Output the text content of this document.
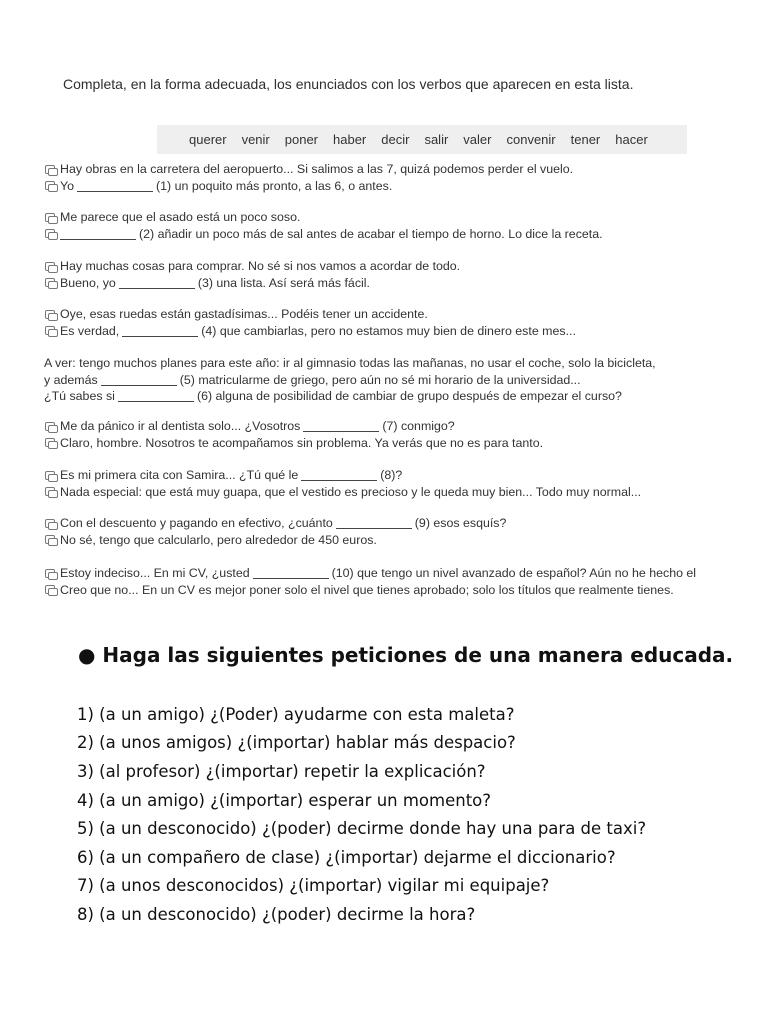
Completa, en la forma adecuada, los enunciados con los verbos que aparecen en esta lista.
querer venir poner haber decir salir valer convenir tener hacer
Hay obras en la carretera del aeropuerto... Si salimos a las 7, quizá podemos perder el vuelo.
Yo	(1) un poquito más pronto, a las 6, o antes.
Me parece que el asado está un poco soso.
(2) añadir un poco más de sal antes de acabar el tiempo de horno. Lo dice la receta.
Hay muchas cosas para comprar. No sé si nos vamos a acordar de todo.
Bueno, yo	(3) una lista. Así será más fácil.
Oye, esas ruedas están gastadísimas... Podéis tener un accidente.
Es verdad,	(4) que cambiarlas, pero no estamos muy bien de dinero este mes...
A ver: tengo muchos planes para este año: ir al gimnasio todas las mañanas, no usar el coche, solo la bicicleta,
y además	(5) matricularme de griego, pero aún no sé mi horario de la universidad...
¿Tú sabes si	(6) alguna de posibilidad de cambiar de grupo después de empezar el curso?
Me da pánico ir al dentista solo... ¿Vosotros	(7) conmigo?
Claro, hombre. Nosotros te acompañamos sin problema. Ya verás que no es para tanto.
Es mi primera cita con Samira... ¿Tú qué le	(8)?
Nada especial: que está muy guapa, que el vestido es precioso y le queda muy bien... Todo muy normal...
Con el descuento y pagando en efectivo, ¿cuánto	(9) esos esquís?
No sé, tengo que calcularlo, pero alrededor de 450 euros.
Estoy indeciso... En mi CV, ¿usted	(10) que tengo un nivel avanzado de español? Aún no he hecho el
Creo que no... En un CV es mejor poner solo el nivel que tienes aprobado; solo los títulos que realmente tienes.
● Haga las siguientes peticiones de una manera educada.
1) (a un amigo) ¿(Poder) ayudarme con esta maleta?
2) (a unos amigos) ¿(importar) hablar más despacio?
3) (al profesor) ¿(importar) repetir la explicación?
4) (a un amigo) ¿(importar) esperar un momento?
5) (a un desconocido) ¿(poder) decirme donde hay una para de taxi?
6) (a un compañero de clase) ¿(importar) dejarme el diccionario?
7) (a unos desconocidos) ¿(importar) vigilar mi equipaje?
8) (a un desconocido) ¿(poder) decirme la hora?
